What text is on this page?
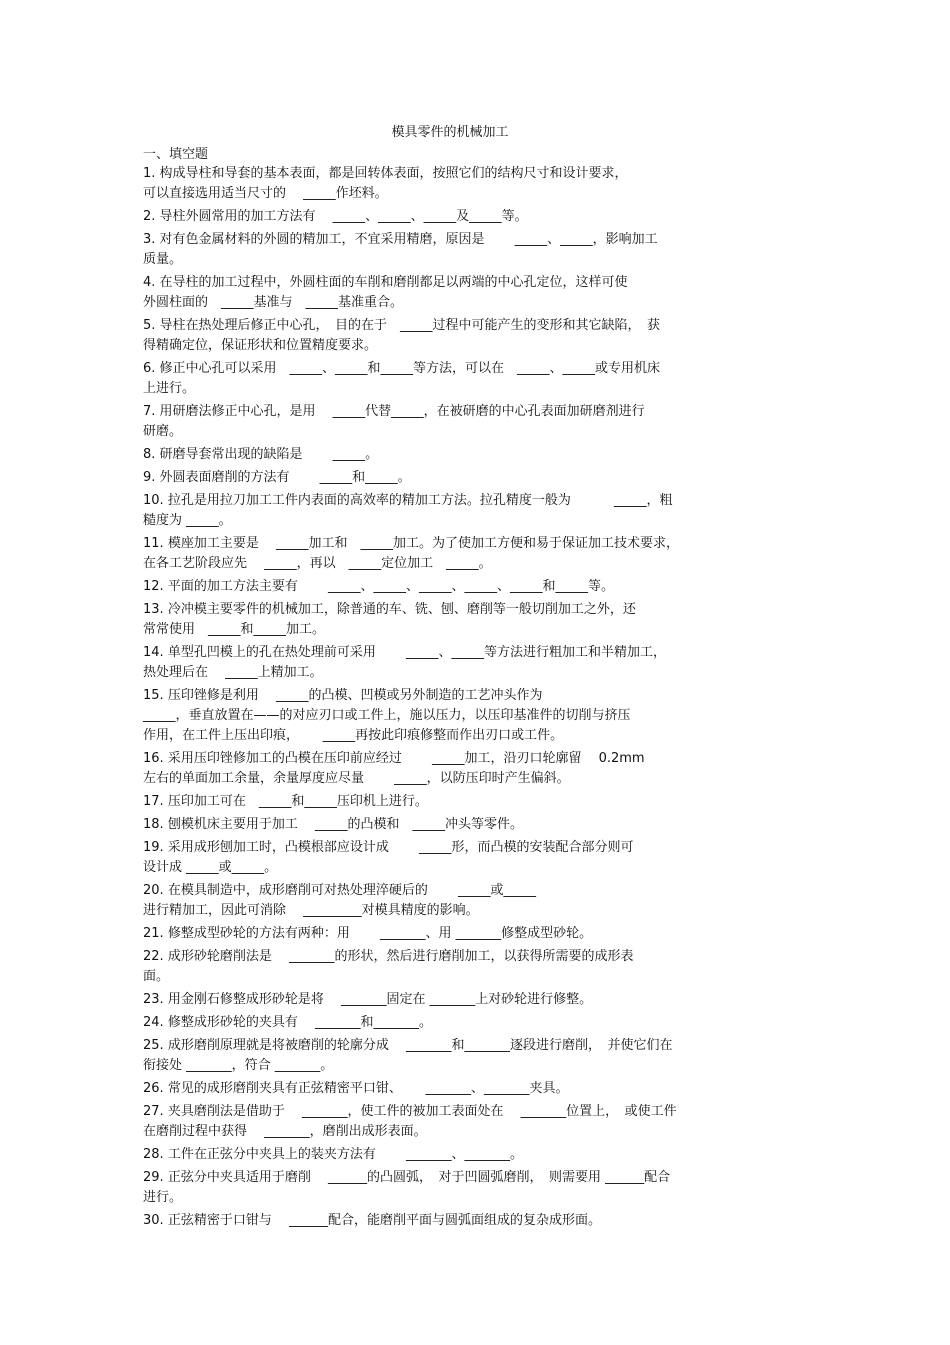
模具零件的机械加工
一、填空题
1. 构成导柱和导套的基本表面，都是回转体表面，按照它们的结构尺寸和设计要求，
可以直接选用适当尺寸的　 _____作坯料。
2. 导柱外圆常用的加工方法有　 _____、_____、_____及_____等。
3. 对有色金属材料的外圆的精加工，不宜采用精磨，原因是　　 _____、_____，影响加工
质量。
4. 在导柱的加工过程中，外圆柱面的车削和磨削都足以两端的中心孔定位，这样可使
外圆柱面的　_____基准与　_____基准重合。
5. 导柱在热处理后修正中心孔，　目的在于　_____过程中可能产生的变形和其它缺陷，　获
得精确定位，保证形状和位置精度要求。
6. 修正中心孔可以采用　_____、_____和_____等方法，可以在　_____、_____或专用机床
上进行。
7. 用研磨法修正中心孔，是用　 _____代替_____，在被研磨的中心孔表面加研磨剂进行
研磨。
8. 研磨导套常出现的缺陷是　　 _____。
9. 外圆表面磨削的方法有　　 _____和_____。
10. 拉孔是用拉刀加工工件内表面的高效率的精加工方法。拉孔精度一般为　　　 _____，粗
糙度为 _____。
11. 模座加工主要是　 _____加工和　_____加工。为了使加工方便和易于保证加工技术要求，
在各工艺阶段应先　 _____，再以　_____定位加工　_____。
12. 平面的加工方法主要有　　 _____、_____、_____、_____、_____和_____等。
13. 冷冲模主要零件的机械加工，除普通的车、铣、刨、磨削等一般切削加工之外，还
常常使用　_____和_____加工。
14. 单型孔凹模上的孔在热处理前可采用　　 _____、_____等方法进行粗加工和半精加工，
热处理后在　 _____上精加工。
15. 压印锉修是利用　 _____的凸模、凹模或另外制造的工艺冲头作为
_____，垂直放置在——的对应刃口或工件上，施以压力，以压印基准件的切削与挤压
作用，在工件上压出印痕，　　 _____再按此印痕修整而作出刃口或工件。
16. 采用压印锉修加工的凸模在压印前应经过　　 _____加工，沿刃口轮廓留　 0.2mm
左右的单面加工余量，余量厚度应尽量　　 _____，以防压印时产生偏斜。
17. 压印加工可在　_____和_____压印机上进行。
18. 刨模机床主要用于加工　 _____的凸模和　_____冲头等零件。
19. 采用成形刨加工时，凸模根部应设计成　　 _____形，而凸模的安装配合部分则可
设计成 _____或_____。
20. 在模具制造中，成形磨削可对热处理淬硬后的　　 _____或_____
进行精加工，因此可消除　 _________对模具精度的影响。
21. 修整成型砂轮的方法有两种：用　　 _______、用 _______修整成型砂轮。
22. 成形砂轮磨削法是　 _______的形状，然后进行磨削加工，以获得所需要的成形表
面。
23. 用金刚石修整成形砂轮是将　 _______固定在 _______上对砂轮进行修整。
24. 修整成形砂轮的夹具有　 _______和_______。
25. 成形磨削原理就是将被磨削的轮廓分成　 _______和_______逐段进行磨削，　并使它们在
衔接处 _______，符合 _______。
26. 常见的成形磨削夹具有正弦精密平口钳、　　 _______、_______夹具。
27. 夹具磨削法是借助于　 _______，使工件的被加工表面处在　 _______位置上，　或使工件
在磨削过程中获得　 _______，磨削出成形表面。
28. 工件在正弦分中夹具上的装夹方法有　　 _______、_______。
29. 正弦分中夹具适用于磨削　 ______的凸圆弧，　对于凹圆弧磨削，　则需要用 ______配合
进行。
30. 正弦精密于口钳与　 ______配合，能磨削平面与圆弧面组成的复杂成形面。
